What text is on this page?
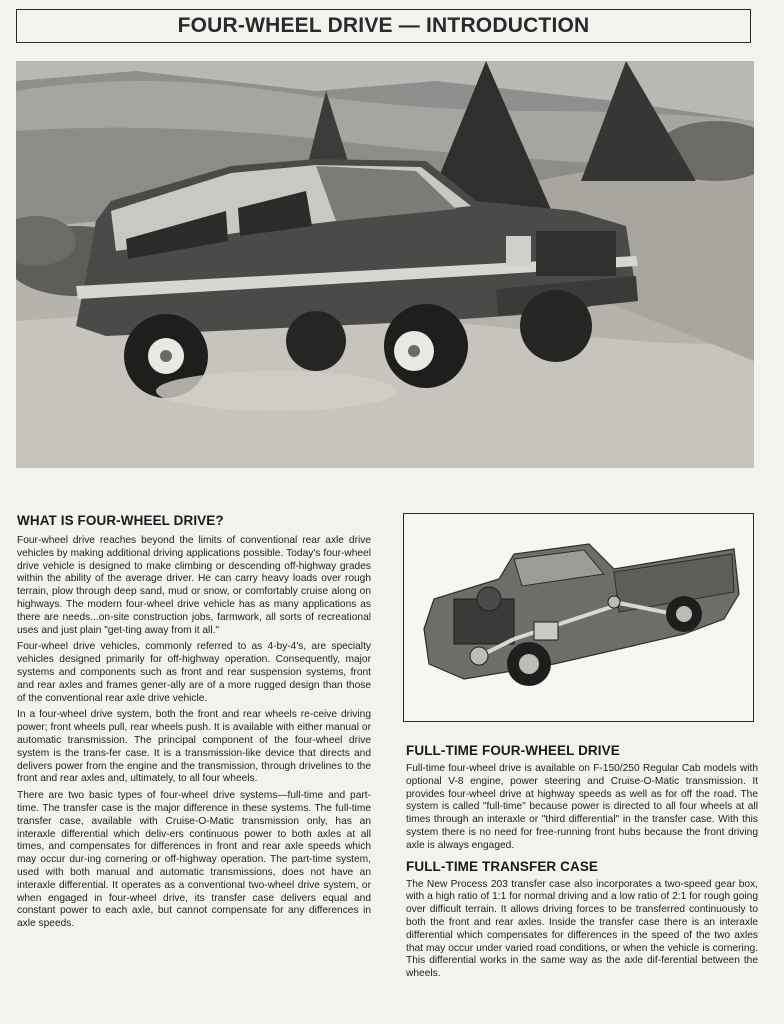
FOUR-WHEEL DRIVE — INTRODUCTION
WHAT IS FOUR-WHEEL DRIVE?

Four-wheel drive reaches beyond the limits of conventional rear axle drive vehicles by making additional driving applications possible. Today's four-wheel drive vehicle is designed to make climbing or descending off-highway grades within the ability of the average driver. He can carry heavy loads over rough terrain, plow through deep sand, mud or snow, or comfortably cruise along on highways. The modern four-wheel drive vehicle has as many applications as there are needs...on-site construction jobs, farmwork, all sorts of recreational uses and just plain "get-ting away from it all."

Four-wheel drive vehicles, commonly referred to as 4-by-4's, are specialty vehicles designed primarily for off-highway operation. Consequently, major systems and components such as front and rear suspension systems, front and rear axles and frames gener-ally are of a more rugged design than those of the conventional rear axle drive vehicle.

In a four-wheel drive system, both the front and rear wheels re-ceive driving power; front wheels pull, rear wheels push. It is available with either manual or automatic transmission. The principal component of the four-wheel drive system is the trans-fer case. It is a transmission-like device that directs and delivers power from the engine and the transmission, through drivelines to the front and rear axles and, ultimately, to all four wheels.

There are two basic types of four-wheel drive systems—full-time and part-time. The transfer case is the major difference in these systems. The full-time transfer case, available with Cruise-O-Matic transmission only, has an interaxle differential which deliv-ers continuous power to both axles at all times, and compensates for differences in front and rear axle speeds which may occur dur-ing cornering or off-highway operation. The part-time system, used with both manual and automatic transmissions, does not have an interaxle differential. It operates as a conventional two-wheel drive system, or when engaged in four-wheel drive, its transfer case delivers equal and constant power to each axle, but cannot compensate for any differences in axle speeds.

FULL-TIME FOUR-WHEEL DRIVE

Full-time four-wheel drive is available on F-150/250 Regular Cab models with optional V-8 engine, power steering and Cruise-O-Matic transmission. It provides four-wheel drive at highway speeds as well as for off the road. The system is called "full-time" because power is directed to all four wheels at all times through an interaxle or "third differential" in the transfer case. With this system there is no need for free-running front hubs because the front driving axle is always engaged.

FULL-TIME TRANSFER CASE

The New Process 203 transfer case also incorporates a two-speed gear box, with a high ratio of 1:1 for normal driving and a low ratio of 2:1 for rough going over difficult terrain. It allows driving forces to be transferred continuously to both the front and rear axles. Inside the transfer case there is an interaxle differential which compensates for differences in the speed of the two axles that may occur under varied road conditions, or when the vehicle is cornering. This differential works in the same way as the axle dif-ferential between the wheels.
